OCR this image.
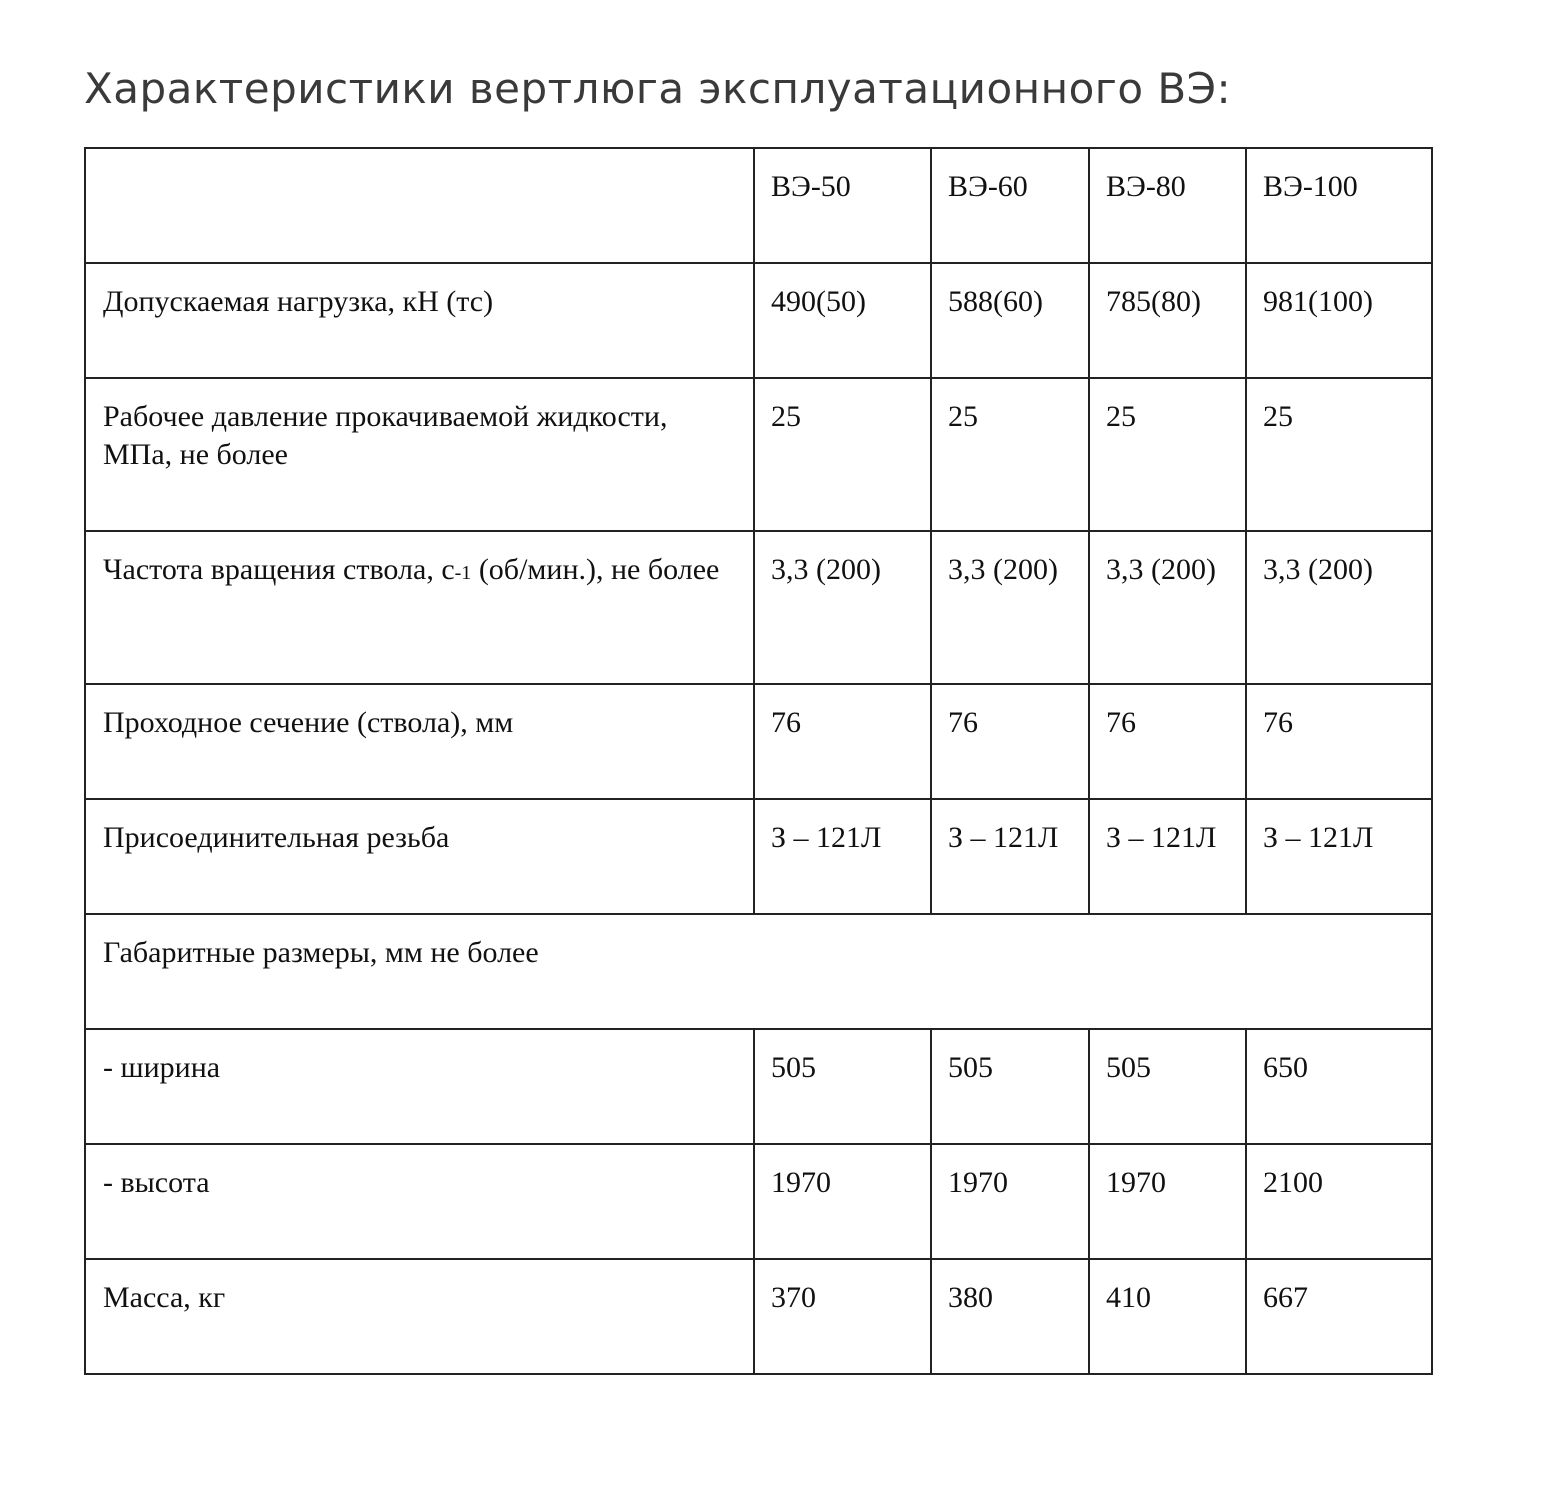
Характеристики вертлюга эксплуатационного ВЭ:
	ВЭ-50	ВЭ-60	ВЭ-80	ВЭ-100
Допускаемая нагрузка, кН (тс)	490(50)	588(60)	785(80)	981(100)
Рабочее давление прокачиваемой жидкости, МПа, не более	25	25	25	25
Частота вращения ствола, с-1 (об/мин.), не более	3,3 (200)	3,3 (200)	3,3 (200)	3,3 (200)
Проходное сечение (ствола), мм	76	76	76	76
Присоединительная резьба	З – 121Л	З – 121Л	З – 121Л	З – 121Л
Габаритные размеры, мм не более				
- ширина	505	505	505	650
- высота	1970	1970	1970	2100
Масса, кг	370	380	410	667
